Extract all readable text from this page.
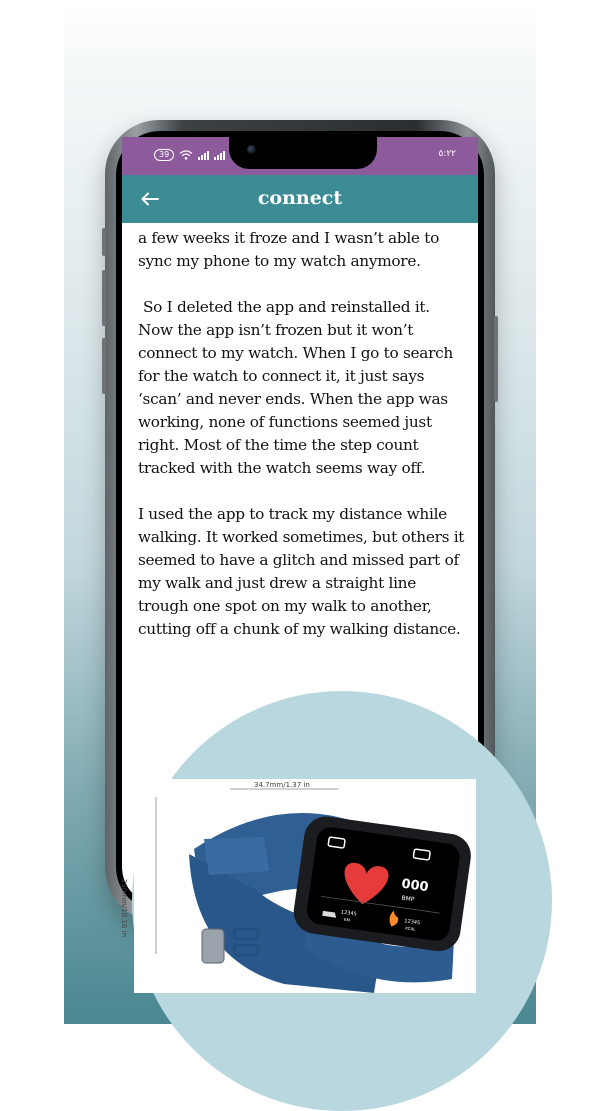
39	٥:٢٢
connect

a few weeks it froze and I wasn’t able to sync my phone to my watch anymore.

So I deleted the app and reinstalled it. Now the app isn’t frozen but it won’t connect to my watch. When I go to search for the watch to connect it, it just says ‘scan’ and never ends. When the app was working, none of functions seemed just right. Most of the time the step count tracked with the watch seems way off.

I used the app to track my distance while walking. It worked sometimes, but others it seemed to have a glitch and missed part of my walk and just drew a straight line trough one spot on my walk to another, cutting off a chunk of my walking distance.

34.7mm/1.37 in
250mm/10.16 in	000
BMP
12345
KM	12345
KCAL
